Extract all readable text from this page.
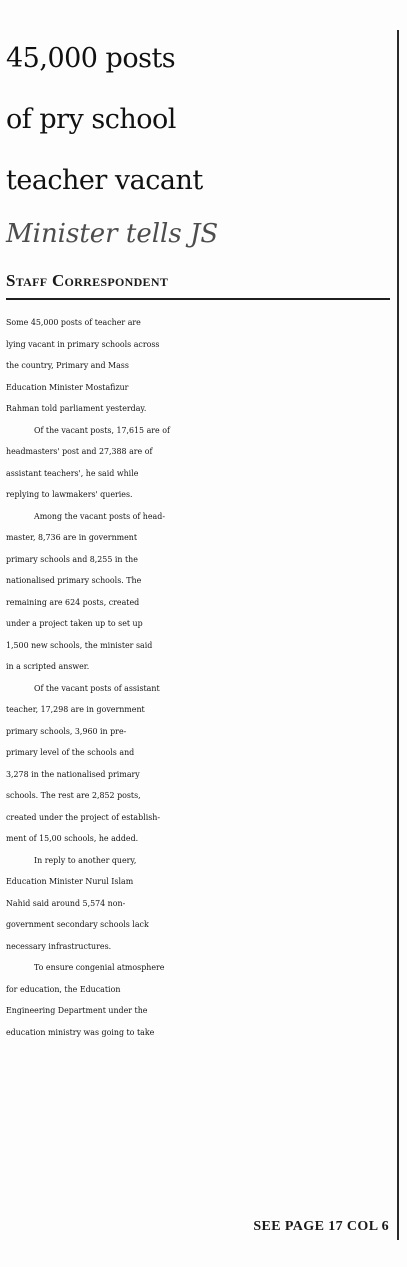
45,000 posts
of pry school
teacher vacant
Minister tells JS
Staff Correspondent
Some 45,000 posts of teacher are
lying vacant in primary schools across
the country, Primary and Mass
Education Minister Mostafizur
Rahman told parliament yesterday.
Of the vacant posts, 17,615 are of
headmasters' post and 27,388 are of
assistant teachers', he said while
replying to lawmakers' queries.
Among the vacant posts of head-
master, 8,736 are in government
primary schools and 8,255 in the
nationalised primary schools. The
remaining are 624 posts, created
under a project taken up to set up
1,500 new schools, the minister said
in a scripted answer.
Of the vacant posts of assistant
teacher, 17,298 are in government
primary schools, 3,960 in pre-
primary level of the schools and
3,278 in the nationalised primary
schools. The rest are 2,852 posts,
created under the project of establish-
ment of 15,00 schools, he added.
In reply to another query,
Education Minister Nurul Islam
Nahid said around 5,574 non-
government secondary schools lack
necessary infrastructures.
To ensure congenial atmosphere
for education, the Education
Engineering Department under the
education ministry was going to take
SEE PAGE 17 COL 6
